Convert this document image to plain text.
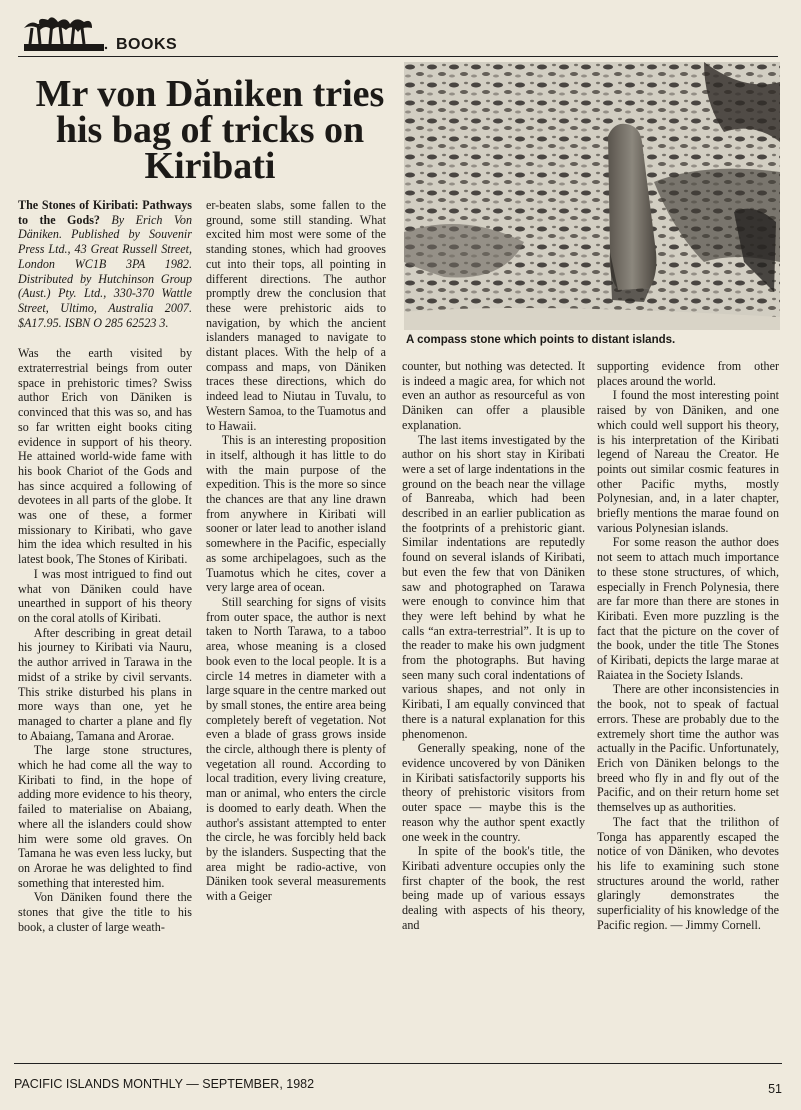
BOOKS
Mr von Dăniken tries his bag of tricks on Kiribati
A compass stone which points to distant islands.

The Stones of Kiribati: Pathways to the Gods? By Erich Von Däniken. Published by Souvenir Press Ltd., 43 Great Russell Street, London WC1B 3PA 1982. Distributed by Hutchinson Group (Aust.) Pty. Ltd., 330-370 Wattle Street, Ultimo, Australia 2007. $A17.95. ISBN O 285 62523 3.

Was the earth visited by extraterrestrial beings from outer space in prehistoric times? Swiss author Erich von Däniken is convinced that this was so, and has so far written eight books citing evidence in support of his theory. He attained world-wide fame with his book Chariot of the Gods and has since acquired a following of devotees in all parts of the globe. It was one of these, a former missionary to Kiribati, who gave him the idea which resulted in his latest book, The Stones of Kiribati.

I was most intrigued to find out what von Däniken could have unearthed in support of his theory on the coral atolls of Kiribati.

After describing in great detail his journey to Kiribati via Nauru, the author arrived in Tarawa in the midst of a strike by civil servants. This strike disturbed his plans in more ways than one, yet he managed to charter a plane and fly to Abaiang, Tamana and Arorae.

The large stone structures, which he had come all the way to Kiribati to find, in the hope of adding more evidence to his theory, failed to materialise on Abaiang, where all the islanders could show him were some old graves. On Tamana he was even less lucky, but on Arorae he was delighted to find something that interested him.

Von Däniken found there the stones that give the title to his book, a cluster of large weath-

er-beaten slabs, some fallen to the ground, some still standing. What excited him most were some of the standing stones, which had grooves cut into their tops, all pointing in different directions. The author promptly drew the conclusion that these were prehistoric aids to navigation, by which the ancient islanders managed to navigate to distant places. With the help of a compass and maps, von Däniken traces these directions, which do indeed lead to Niutau in Tuvalu, to Western Samoa, to the Tuamotus and to Hawaii.

This is an interesting proposition in itself, although it has little to do with the main purpose of the expedition. This is the more so since the chances are that any line drawn from anywhere in Kiribati will sooner or later lead to another island somewhere in the Pacific, especially as some archipelagoes, such as the Tuamotus which he cites, cover a very large area of ocean.

Still searching for signs of visits from outer space, the author is next taken to North Tarawa, to a taboo area, whose meaning is a closed book even to the local people. It is a circle 14 metres in diameter with a large square in the centre marked out by small stones, the entire area being completely bereft of vegetation. Not even a blade of grass grows inside the circle, although there is plenty of vegetation all round. According to local tradition, every living creature, man or animal, who enters the circle is doomed to early death. When the author's assistant attempted to enter the circle, he was forcibly held back by the islanders. Suspecting that the area might be radio-active, von Däniken took several measurements with a Geiger

counter, but nothing was detected. It is indeed a magic area, for which not even an author as resourceful as von Däniken can offer a plausible explanation.

The last items investigated by the author on his short stay in Kiribati were a set of large indentations in the ground on the beach near the village of Banreaba, which had been described in an earlier publication as the footprints of a prehistoric giant. Similar indentations are reputedly found on several islands of Kiribati, but even the few that von Däniken saw and photographed on Tarawa were enough to convince him that they were left behind by what he calls “an extra-terrestrial”. It is up to the reader to make his own judgment from the photographs. But having seen many such coral indentations of various shapes, and not only in Kiribati, I am equally convinced that there is a natural explanation for this phenomenon.

Generally speaking, none of the evidence uncovered by von Däniken in Kiribati satisfactorily supports his theory of prehistoric visitors from outer space — maybe this is the reason why the author spent exactly one week in the country.

In spite of the book's title, the Kiribati adventure occupies only the first chapter of the book, the rest being made up of various essays dealing with aspects of his theory, and

supporting evidence from other places around the world.

I found the most interesting point raised by von Däniken, and one which could well support his theory, is his interpretation of the Kiribati legend of Nareau the Creator. He points out similar cosmic features in other Pacific myths, mostly Polynesian, and, in a later chapter, briefly mentions the marae found on various Polynesian islands.

For some reason the author does not seem to attach much importance to these stone structures, of which, especially in French Polynesia, there are far more than there are stones in Kiribati. Even more puzzling is the fact that the picture on the cover of the book, under the title The Stones of Kiribati, depicts the large marae at Raiatea in the Society Islands.

There are other inconsistencies in the book, not to speak of factual errors. These are probably due to the extremely short time the author was actually in the Pacific. Unfortunately, Erich von Däniken belongs to the breed who fly in and fly out of the Pacific, and on their return home set themselves up as authorities.

The fact that the trilithon of Tonga has apparently escaped the notice of von Däniken, who devotes his life to examining such stone structures around the world, rather glaringly demonstrates the superficiality of his knowledge of the Pacific region. — Jimmy Cornell.

PACIFIC ISLANDS MONTHLY — SEPTEMBER, 1982	51
